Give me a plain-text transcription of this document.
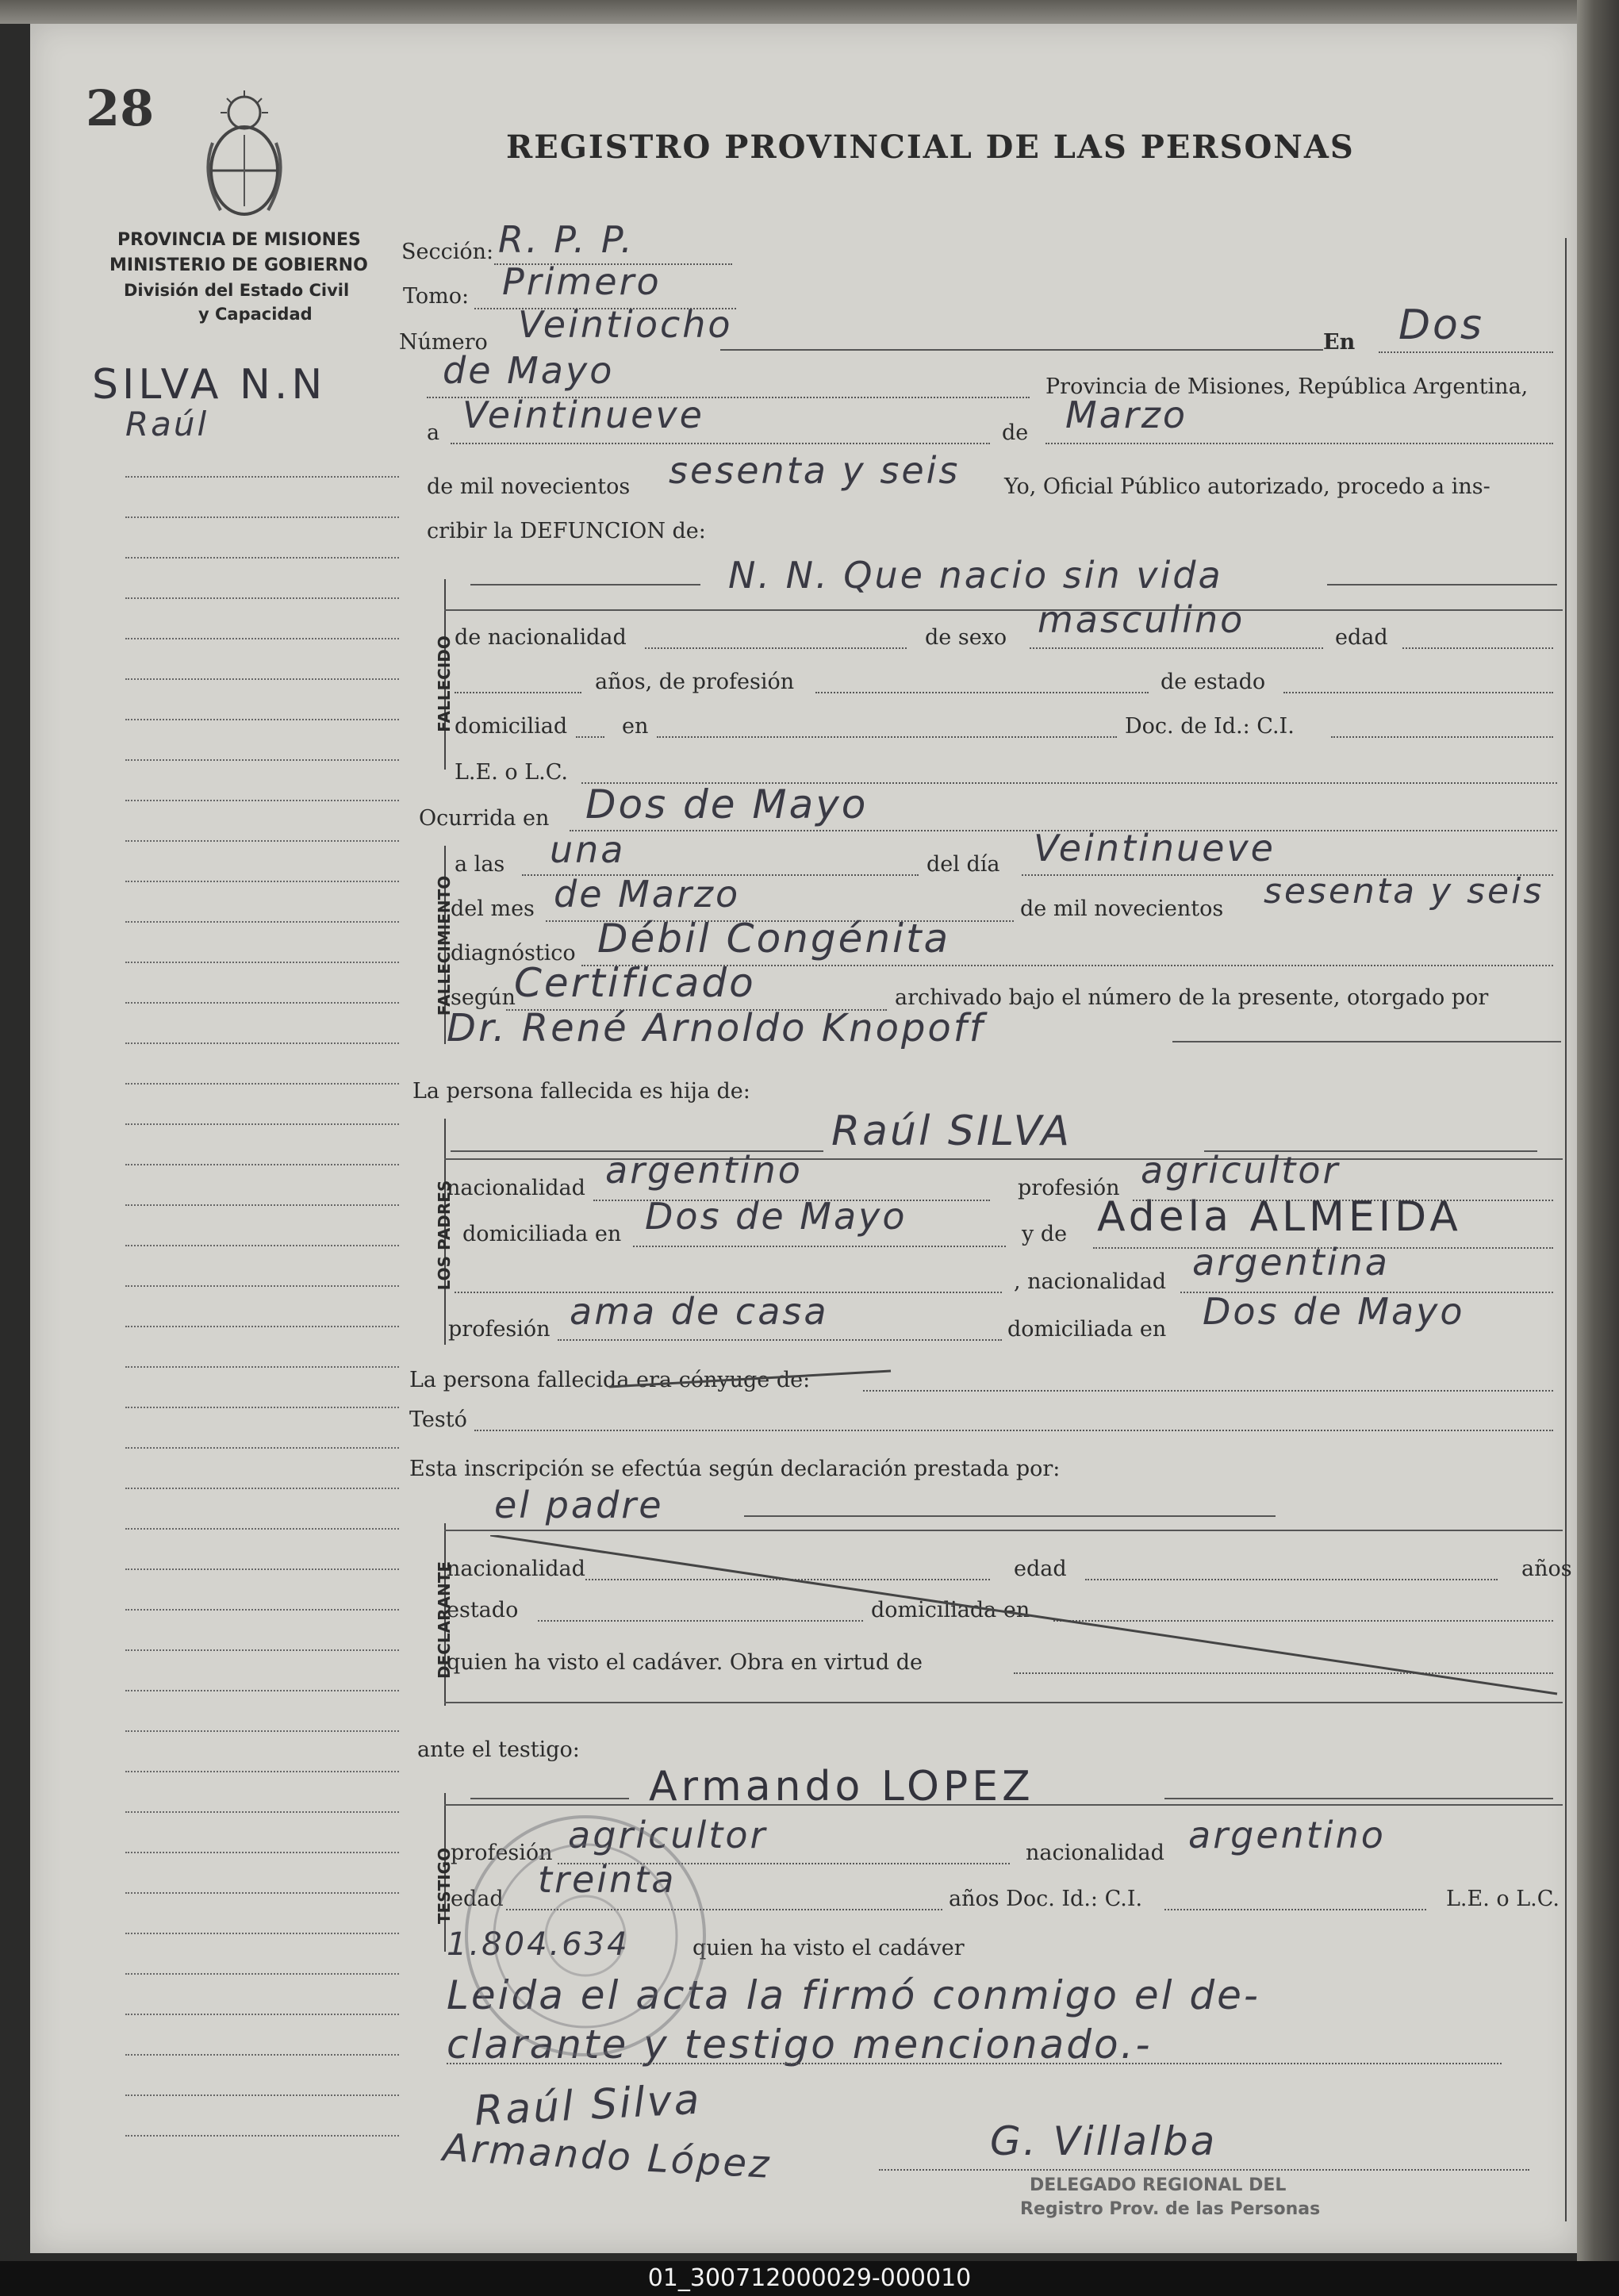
28
REGISTRO PROVINCIAL DE LAS PERSONAS
PROVINCIA DE MISIONES
MINISTERIO DE GOBIERNO
División del Estado Civil
y Capacidad
SILVA N.N
Raúl
Sección: R. P. P.
Tomo: Primero
Número Veintiocho	En Dos
de Mayo	Provincia de Misiones, República Argentina,
a Veintinueve	de Marzo
de mil novecientos sesenta y seis Yo, Oficial Público autorizado, procedo a ins-
cribir la DEFUNCION de:
FALLECIDO
N. N. Que nacio sin vida
de nacionalidad	de sexo masculino	edad
años, de profesión	de estado
domiciliad	en	Doc. de Id.: C.I.
L.E. o L.C.
Ocurrida en Dos de Mayo
FALLECIMIENTO
a las una	del día Veintinueve
del mes de Marzo	de mil novecientos sesenta y seis
diagnóstico Débil Congénita
según
Certificado	archivado bajo el número de la presente, otorgado por
Dr. René Arnoldo Knopoff
La persona fallecida es hija de:
LOS PADRES
Raúl SILVA
nacionalidad argentino	profesión agricultor
domiciliada en Dos de Mayo	y de Adela ALMEIDA
, nacionalidad argentina
profesión ama de casa	domiciliada en Dos de Mayo
La persona fallecida era cónyuge de:
Testó
Esta inscripción se efectúa según declaración prestada por:
DECLARANTE
el padre
nacionalidad	edad	años
estado	domiciliada en
quien ha visto el cadáver. Obra en virtud de
ante el testigo:
TESTIGO
Armando LOPEZ
profesión agricultor	nacionalidad argentino
edad treinta	años Doc. Id.: C.I.	L.E. o L.C.
1.804.634	quien ha visto el cadáver
Leida el acta la firmó conmigo el de-
clarante y testigo mencionado.-
Raúl Silva
Armando López	G. Villalba
DELEGADO REGIONAL DEL
Registro Prov. de las Personas
01_300712000029-000010
